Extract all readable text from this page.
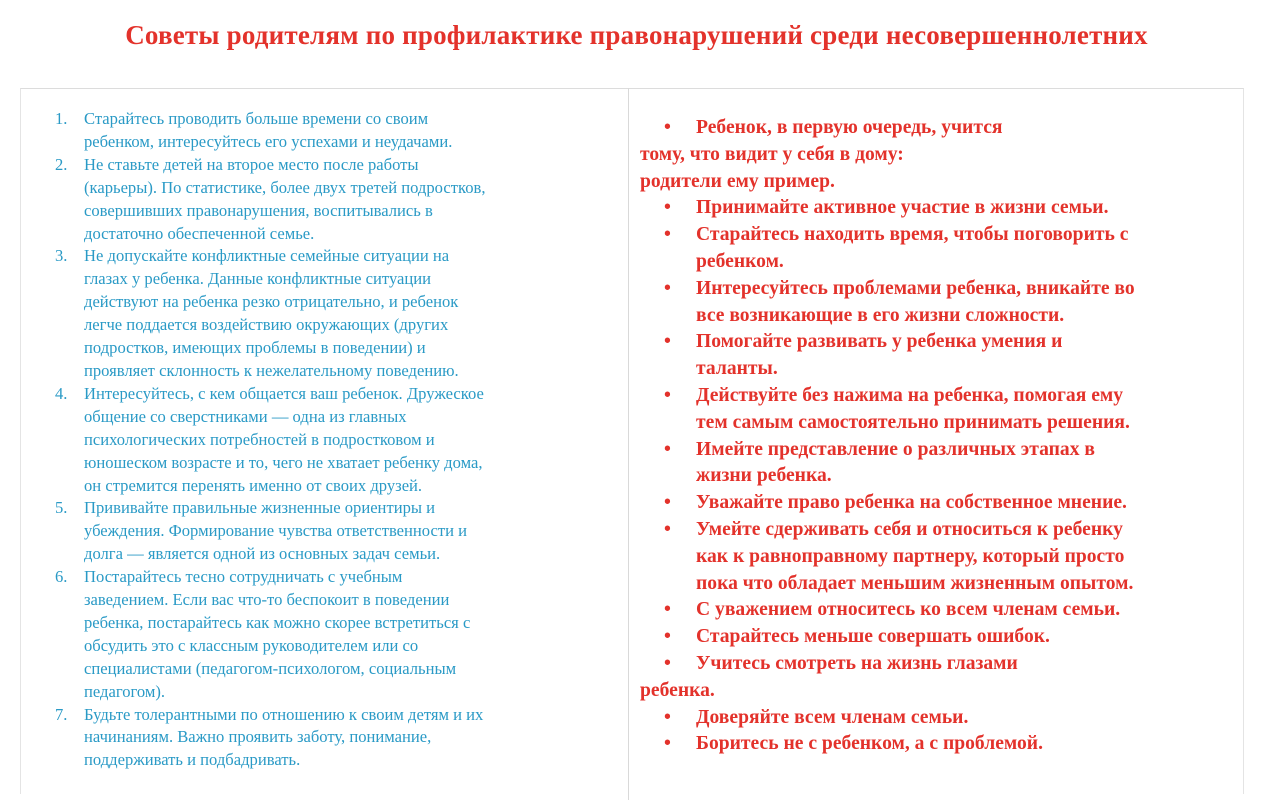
Советы родителям по профилактике правонарушений среди несовершеннолетних
1. Старайтесь проводить больше времени со своим
ребенком, интересуйтесь его успехами и неудачами.
2. Не ставьте детей на второе место после работы
(карьеры). По статистике, более двух третей подростков,
совершивших правонарушения, воспитывались в
достаточно обеспеченной семье.
3. Не допускайте конфликтные семейные ситуации на
глазах у ребенка. Данные конфликтные ситуации
действуют на ребенка резко отрицательно, и ребенок
легче поддается воздействию окружающих (других
подростков, имеющих проблемы в поведении) и
проявляет склонность к нежелательному поведению.
4. Интересуйтесь, с кем общается ваш ребенок. Дружеское
общение со сверстниками — одна из главных
психологических потребностей в подростковом и
юношеском возрасте и то, чего не хватает ребенку дома,
он стремится перенять именно от своих друзей.
5. Прививайте правильные жизненные ориентиры и
убеждения. Формирование чувства ответственности и
долга — является одной из основных задач семьи.
6. Постарайтесь тесно сотрудничать с учебным
заведением. Если вас что-то беспокоит в поведении
ребенка, постарайтесь как можно скорее встретиться с
обсудить это с классным руководителем или со
специалистами (педагогом-психологом, социальным
педагогом).
7. Будьте толерантными по отношению к своим детям и их
начинаниям. Важно проявить заботу, понимание,
поддерживать и подбадривать.
• Ребенок, в первую очередь, учится
тому, что видит у себя в дому:
родители ему пример.
• Принимайте активное участие в жизни семьи.
• Старайтесь находить время, чтобы поговорить с
ребенком.
• Интересуйтесь проблемами ребенка, вникайте во
все возникающие в его жизни сложности.
• Помогайте развивать у ребенка умения и
таланты.
• Действуйте без нажима на ребенка, помогая ему
тем самым самостоятельно принимать решения.
• Имейте представление о различных этапах в
жизни ребенка.
• Уважайте право ребенка на собственное мнение.
• Умейте сдерживать себя и относиться к ребенку
как к равноправному партнеру, который просто
пока что обладает меньшим жизненным опытом.
• С уважением относитесь ко всем членам семьи.
• Старайтесь меньше совершать ошибок.
• Учитесь смотреть на жизнь глазами
ребенка.
• Доверяйте всем членам семьи.
• Боритесь не с ребенком, а с проблемой.
